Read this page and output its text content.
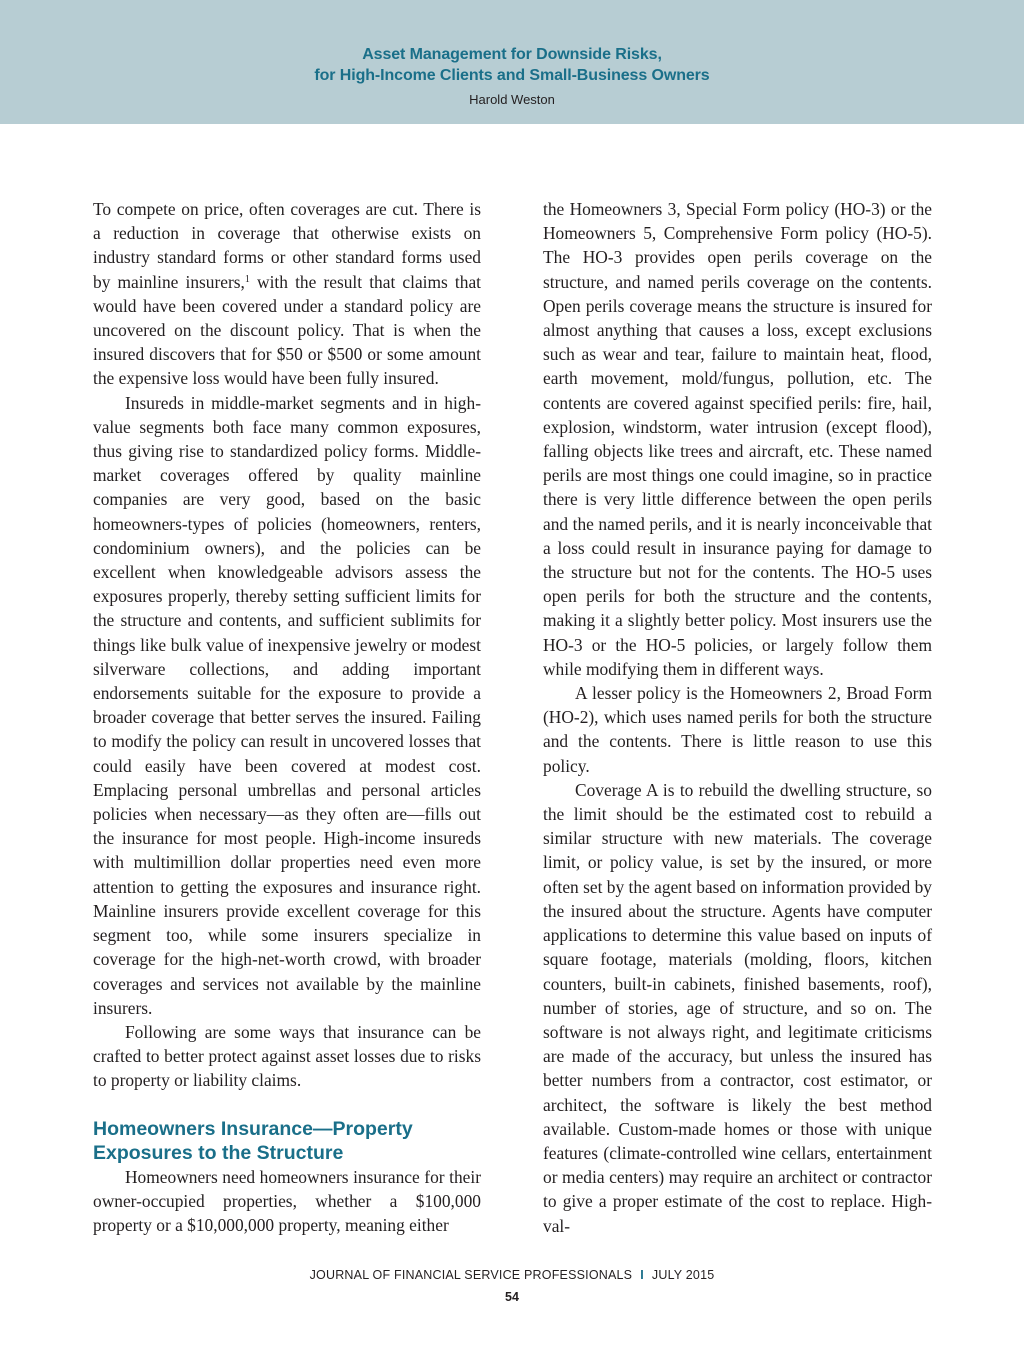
Asset Management for Downside Risks,
for High-Income Clients and Small-Business Owners
Harold Weston

To compete on price, often coverages are cut. There is a reduction in coverage that otherwise exists on industry standard forms or other standard forms used by mainline insurers,$^1$ with the result that claims that would have been covered under a standard policy are uncovered on the discount policy. That is when the insured discovers that for $50 or $500 or some amount the expensive loss would have been fully insured.

Insureds in middle-market segments and in high-value segments both face many common exposures, thus giving rise to standardized policy forms. Middle-market coverages offered by quality mainline companies are very good, based on the basic homeowners-types of policies (homeowners, renters, condominium owners), and the policies can be excellent when knowledgeable advisors assess the exposures properly, thereby setting sufficient limits for the structure and contents, and sufficient sublimits for things like bulk value of inexpensive jewelry or modest silverware collections, and adding important endorsements suitable for the exposure to provide a broader coverage that better serves the insured. Failing to modify the policy can result in uncovered losses that could easily have been covered at modest cost. Emplacing personal umbrellas and personal articles policies when necessary—as they often are—fills out the insurance for most people. High-income insureds with multimillion dollar properties need even more attention to getting the exposures and insurance right. Mainline insurers provide excellent coverage for this segment too, while some insurers specialize in coverage for the high-net-worth crowd, with broader coverages and services not available by the mainline insurers.

Following are some ways that insurance can be crafted to better protect against asset losses due to risks to property or liability claims.

Homeowners Insurance—Property Exposures to the Structure

Homeowners need homeowners insurance for their owner-occupied properties, whether a $100,000 property or a $10,000,000 property, meaning either

the Homeowners 3, Special Form policy (HO-3) or the Homeowners 5, Comprehensive Form policy (HO-5). The HO-3 provides open perils coverage on the structure, and named perils coverage on the contents. Open perils coverage means the structure is insured for almost anything that causes a loss, except exclusions such as wear and tear, failure to maintain heat, flood, earth movement, mold/fungus, pollution, etc. The contents are covered against specified perils: fire, hail, explosion, windstorm, water intrusion (except flood), falling objects like trees and aircraft, etc. These named perils are most things one could imagine, so in practice there is very little difference between the open perils and the named perils, and it is nearly inconceivable that a loss could result in insurance paying for damage to the structure but not for the contents. The HO-5 uses open perils for both the structure and the contents, making it a slightly better policy. Most insurers use the HO-3 or the HO-5 policies, or largely follow them while modifying them in different ways.

A lesser policy is the Homeowners 2, Broad Form (HO-2), which uses named perils for both the structure and the contents. There is little reason to use this policy.

Coverage A is to rebuild the dwelling structure, so the limit should be the estimated cost to rebuild a similar structure with new materials. The coverage limit, or policy value, is set by the insured, or more often set by the agent based on information provided by the insured about the structure. Agents have computer applications to determine this value based on inputs of square footage, materials (molding, floors, kitchen counters, built-in cabinets, finished basements, roof), number of stories, age of structure, and so on. The software is not always right, and legitimate criticisms are made of the accuracy, but unless the insured has better numbers from a contractor, cost estimator, or architect, the software is likely the best method available. Custom-made homes or those with unique features (climate-controlled wine cellars, entertainment or media centers) may require an architect or contractor to give a proper estimate of the cost to replace. High-val-

JOURNAL OF FINANCIAL SERVICE PROFESSIONALS I JULY 2015
54
